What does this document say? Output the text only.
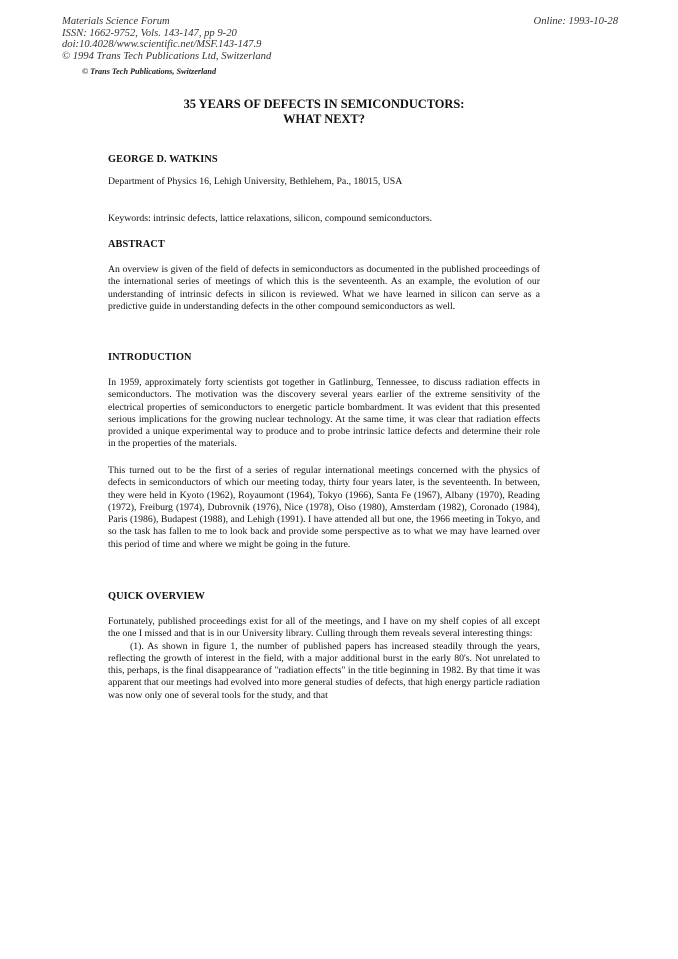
Materials Science Forum
ISSN: 1662-9752, Vols. 143-147, pp 9-20
doi:10.4028/www.scientific.net/MSF.143-147.9
© 1994 Trans Tech Publications Ltd, Switzerland
© Trans Tech Publications, Switzerland
Online: 1993-10-28
35 YEARS OF DEFECTS IN SEMICONDUCTORS:
WHAT NEXT?
GEORGE D. WATKINS
Department of Physics 16, Lehigh University, Bethlehem, Pa., 18015, USA
Keywords: intrinsic defects, lattice relaxations, silicon, compound semiconductors.
ABSTRACT

An overview is given of the field of defects in semiconductors as documented in the published proceedings of the international series of meetings of which this is the seventeenth. As an example, the evolution of our understanding of intrinsic defects in silicon is reviewed. What we have learned in silicon can serve as a predictive guide in understanding defects in the other compound semiconductors as well.

INTRODUCTION

In 1959, approximately forty scientists got together in Gatlinburg, Tennessee, to discuss radiation effects in semiconductors. The motivation was the discovery several years earlier of the extreme sensitivity of the electrical properties of semiconductors to energetic particle bombardment. It was evident that this presented serious implications for the growing nuclear technology. At the same time, it was clear that radiation effects provided a unique experimental way to produce and to probe intrinsic lattice defects and determine their role in the properties of the materials.

This turned out to be the first of a series of regular international meetings concerned with the physics of defects in semiconductors of which our meeting today, thirty four years later, is the seventeenth. In between, they were held in Kyoto (1962), Royaumont (1964), Tokyo (1966), Santa Fe (1967), Albany (1970), Reading (1972), Freiburg (1974), Dubrovnik (1976), Nice (1978), Oiso (1980), Amsterdam (1982), Coronado (1984), Paris (1986), Budapest (1988), and Lehigh (1991). I have attended all but one, the 1966 meeting in Tokyo, and so the task has fallen to me to look back and provide some perspective as to what we may have learned over this period of time and where we might be going in the future.

QUICK OVERVIEW

Fortunately, published proceedings exist for all of the meetings, and I have on my shelf copies of all except the one I missed and that is in our University library. Culling through them reveals several interesting things:

(1). As shown in figure 1, the number of published papers has increased steadily through the years, reflecting the growth of interest in the field, with a major additional burst in the early 80's. Not unrelated to this, perhaps, is the final disappearance of "radiation effects" in the title beginning in 1982. By that time it was apparent that our meetings had evolved into more general studies of defects, that high energy particle radiation was now only one of several tools for the study, and that
